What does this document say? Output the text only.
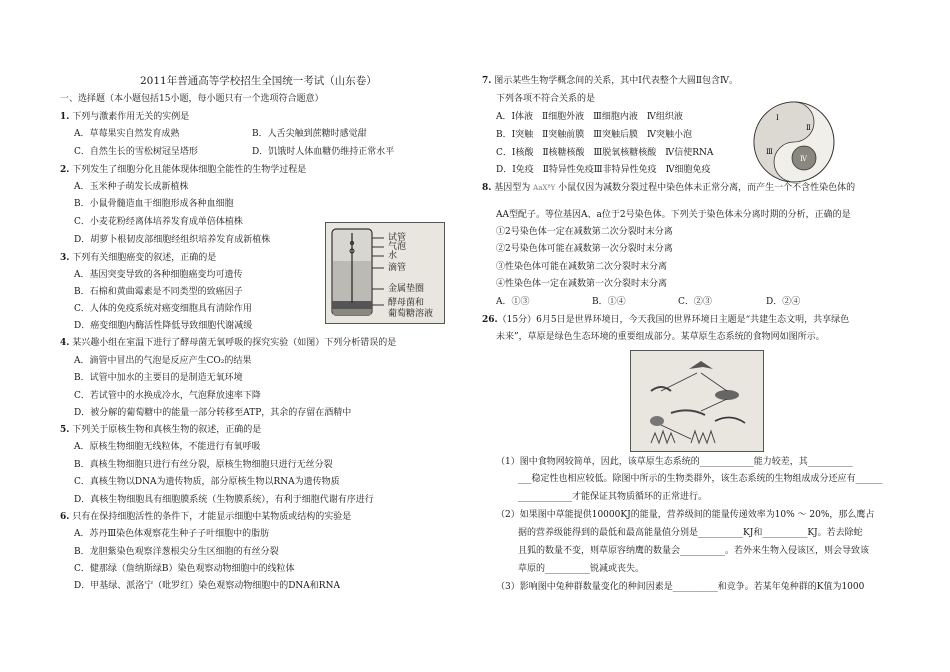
2011年普通高等学校招生全国统一考试（山东卷）
一、选择题（本小题包括15小题，每小题只有一个选项符合题意）
1. 下列与激素作用无关的实例是
A．草莓果实自然发育成熟	B．人舌尖触到蔗糖时感觉甜
C．自然生长的雪松树冠呈塔形	D．饥饿时人体血糖仍维持正常水平
2. 下列发生了细胞分化且能体现体细胞全能性的生物学过程是
A．玉米种子萌发长成新植株
B．小鼠骨髓造血干细胞形成各种血细胞
C．小麦花粉经离体培养发育成单倍体植株
D．胡萝卜根韧皮部细胞经组织培养发育成新植株
3. 下列有关细胞癌变的叙述，正确的是
A．基因突变导致的各种细胞癌变均可遗传
B．石棉和黄曲霉素是不同类型的致癌因子
C．人体的免疫系统对癌变细胞具有清除作用
D．癌变细胞内酶活性降低导致细胞代谢减缓
4. 某兴趣小组在室温下进行了酵母菌无氧呼吸的探究实验（如图）下列分析错误的是
A．滴管中冒出的气泡是反应产生CO₂的结果
B．试管中加水的主要目的是制造无氧环境
C．若试管中的水换成冷水，气泡释放速率下降
D．被分解的葡萄糖中的能量一部分转移至ATP，其余的存留在酒精中
5. 下列关于原核生物和真核生物的叙述，正确的是
A．原核生物细胞无线粒体，不能进行有氧呼吸
B．真核生物细胞只进行有丝分裂，原核生物细胞只进行无丝分裂
C．真核生物以DNA为遗传物质，部分原核生物以RNA为遗传物质
D．真核生物细胞具有细胞膜系统（生物膜系统），有利于细胞代谢有序进行
6. 只有在保持细胞活性的条件下，才能显示细胞中某物质或结构的实验是
A．苏丹Ⅲ染色体观察花生种子子叶细胞中的脂肪
B．龙胆紫染色观察洋葱根尖分生区细胞的有丝分裂
C．健那绿（詹纳斯绿B）染色观察动物细胞中的线粒体
D．甲基绿、派洛宁（吡罗红）染色观察动物细胞中的DNA和RNA
试管
气泡
水
滴管
金属垫圈
酵母菌和
葡萄糖溶液
7. 图示某些生物学概念间的关系，其中Ⅰ代表整个大圆Ⅱ包含Ⅳ。
下列各项不符合关系的是
A．Ⅰ体液　Ⅱ细胞外液　Ⅲ细胞内液　Ⅳ组织液
B．Ⅰ突触　Ⅱ突触前膜　Ⅲ突触后膜　Ⅳ突触小泡
C．Ⅰ核酸　Ⅱ核糖核酸　Ⅲ脱氧核糖核酸　Ⅳ信使RNA
D．Ⅰ免疫　Ⅱ特异性免疫Ⅲ非特异性免疫　Ⅳ细胞免疫
Ⅰ
Ⅱ
Ⅲ
Ⅳ
8. 基因型为 AaXᴮY 小鼠仅因为减数分裂过程中染色体未正常分离，而产生一个不含性染色体的
AA型配子。等位基因A、a位于2号染色体。下列关于染色体未分离时期的分析，正确的是
①2号染色体一定在减数第二次分裂时末分离
②2号染色体可能在减数第一次分裂时末分离
③性染色体可能在减数第二次分裂时末分离
④性染色体一定在减数第一次分裂时末分离
A．①③	B．①④	C．②③	D．②④
26.（15分）6月5日是世界环境日，今天我国的世界环境日主题是“共建生态文明，共享绿色
未来”，草原是绿色生态环境的重要组成部分。某草原生态系统的食物网如图所示。
（1）图中食物网较简单，因此，该草原生态系统的____________能力较差，其__________
___稳定性也相应较低。除图中所示的生物类群外，该生态系统的生物组成成分还应有______
____________才能保证其物质循环的正常进行。
（2）如果图中草能提供10000KJ的能量，营养级间的能量传递效率为10% ～ 20%，那么鹰占
据的营养级能得到的最低和最高能量值分别是__________KJ和__________KJ。若去除蛇
且狐的数量不变，则草原容纳鹰的数量会__________。若外来生物入侵该区，则会导致该
草原的__________锐减或丧失。
（3）影响图中兔种群数量变化的种间因素是__________和竞争。若某年兔种群的K值为1000
